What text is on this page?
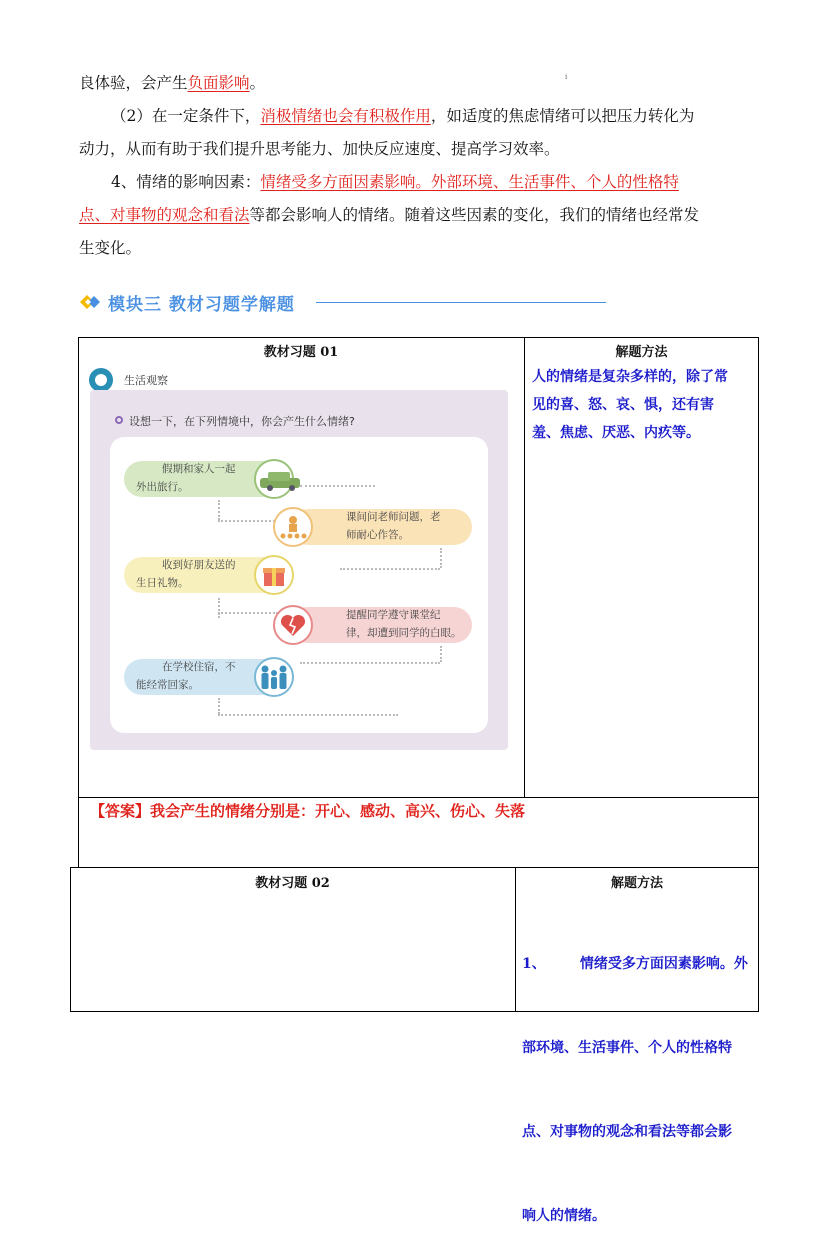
良体验，会产生负面影响。	i
（2）在一定条件下，消极情绪也会有积极作用，如适度的焦虑情绪可以把压力转化为
动力，从而有助于我们提升思考能力、加快反应速度、提高学习效率。
4、情绪的影响因素：情绪受多方面因素影响。外部环境、生活事件、个人的性格特
点、对事物的观念和看法等都会影响人的情绪。随着这些因素的变化，我们的情绪也经常发
生变化。
模块三 教材习题学解题
教材习题 01	解题方法
人的情绪是复杂多样的，除了常
见的喜、怒、哀、惧，还有害
羞、焦虑、厌恶、内疚等。
生活观察
设想一下，在下列情境中，你会产生什么情绪?
假期和家人一起
外出旅行。
课间问老师问题，老
师耐心作答。
收到好朋友送的
生日礼物。
提醒同学遵守课堂纪
律，却遭到同学的白眼。
在学校住宿，不
能经常回家。
【答案】我会产生的情绪分别是：开心、感动、高兴、伤心、失落
教材习题 02	解题方法

1、       情绪受多方面因素影响。外

部环境、生活事件、个人的性格特

点、对事物的观念和看法等都会影

响人的情绪。
